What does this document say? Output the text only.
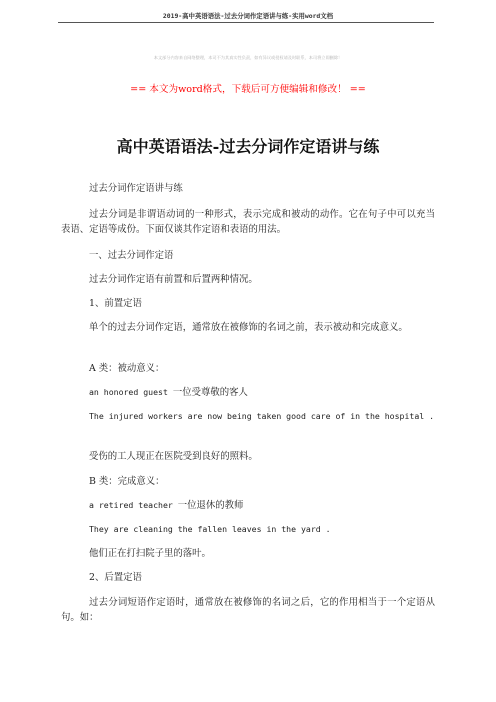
2019-高中英语语法-过去分词作定语讲与练-实用word文档
本文部分内容来自网络整理，本司不为其真实性负责，如有异议或侵权请及时联系，本司将立即删除！
== 本文为word格式，下载后可方便编辑和修改！ ==
高中英语语法-过去分词作定语讲与练
过去分词作定语讲与练
过去分词是非谓语动词的一种形式，表示完成和被动的动作。它在句子中可以充当表语、定语等成份。下面仅谈其作定语和表语的用法。
一、过去分词作定语
过去分词作定语有前置和后置两种情况。
1、前置定语
单个的过去分词作定语，通常放在被修饰的名词之前，表示被动和完成意义。
A 类：被动意义：
an honored guest 一位受尊敬的客人
The injured workers are now being taken good care of in the hospital .
受伤的工人现正在医院受到良好的照料。
B 类：完成意义：
a retired teacher 一位退休的教师
They are cleaning the fallen leaves in the yard .
他们正在打扫院子里的落叶。
2、后置定语
过去分词短语作定语时，通常放在被修饰的名词之后，它的作用相当于一个定语从句。如：
